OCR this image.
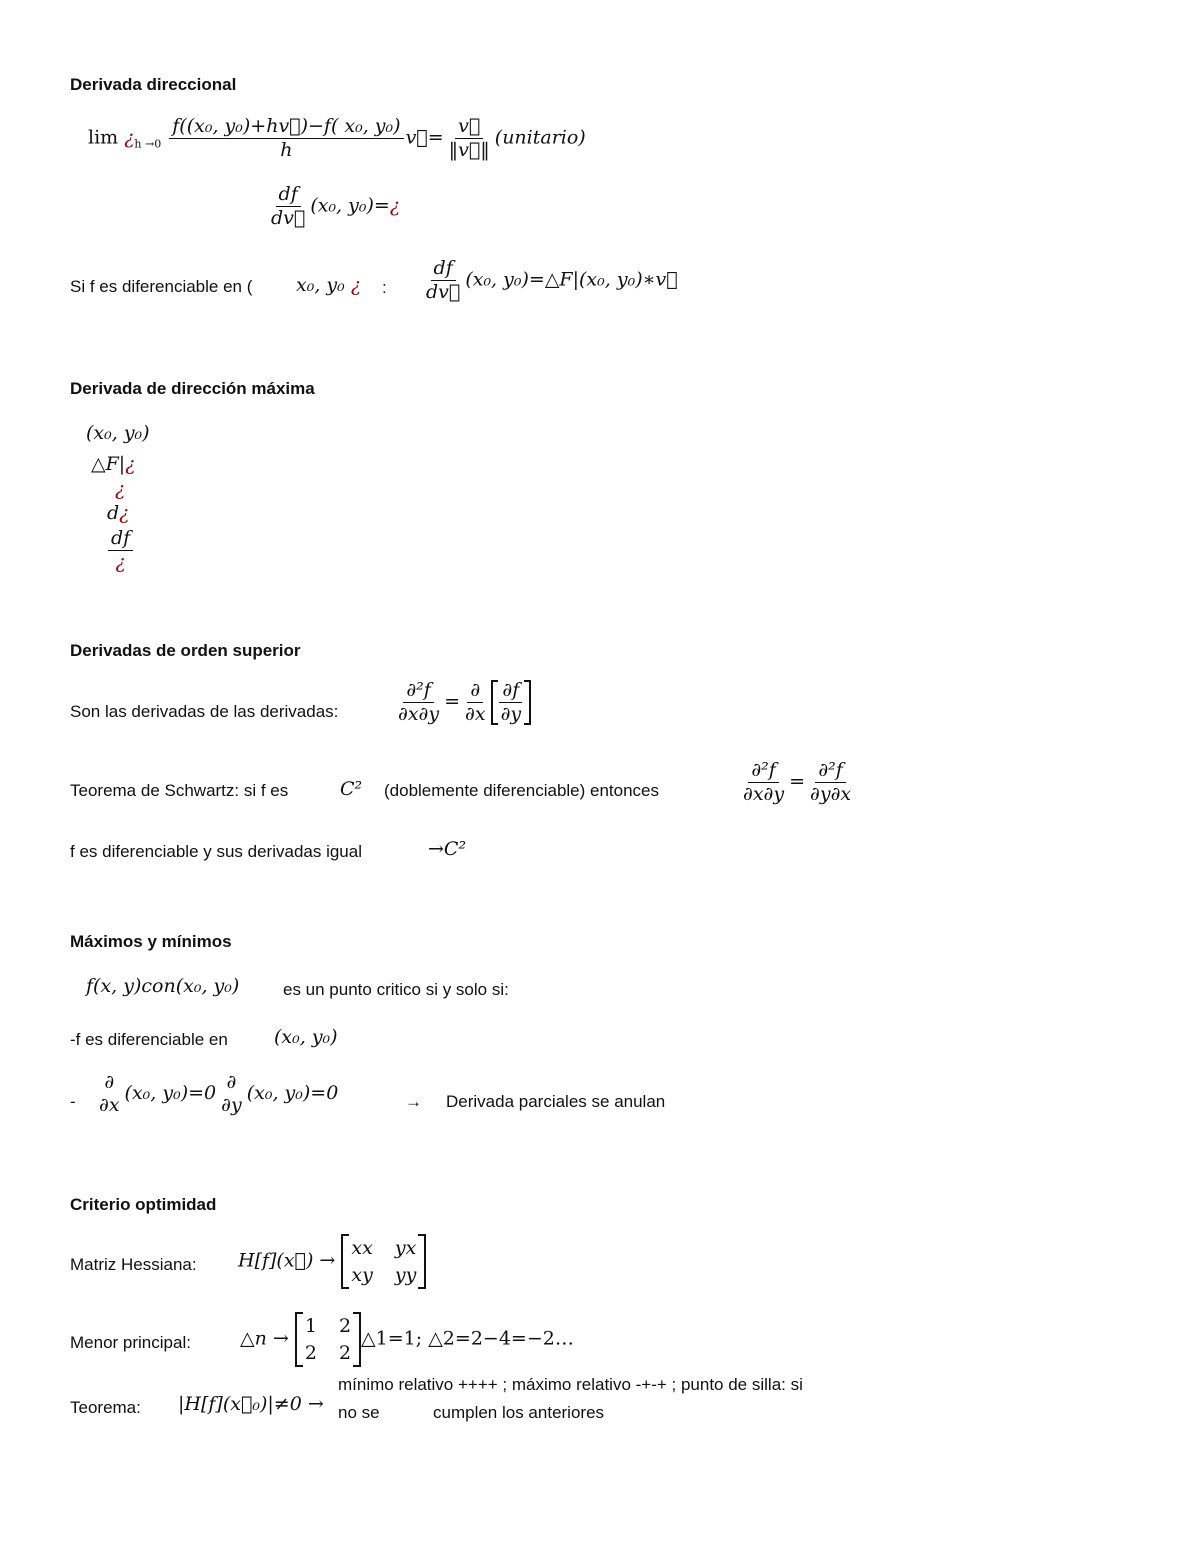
Derivada direccional
$\lim ¿_{h \to 0} \frac{\text{f((x₀, y₀)+hv⃗)−f( x₀, y₀)}}{h}$ v⃗= $\frac{v⃗}{‖v⃗‖}$ (unitario)
$\frac{df}{dv⃗} (x_0$, y₀)=¿
Si f es diferenciable en ( x₀, y₀ ¿ : $\frac{df}{dv⃗} (x_0$, y₀)=△F|(x₀, y₀)∗v⃗
Derivada de dirección máxima
(x₀, y₀)
△F|¿
¿
d¿
$\frac{df}{¿}$
Derivadas de orden superior
Son las derivadas de las derivadas:	$\frac{\text{∂²f}}{\partial x\partial y} = \frac{\partial}{\partial x} \frac{\partial f}{\partial y}$
Teorema de Schwartz: si f es	C² (doblemente diferenciable) entonces	$\frac{\text{∂²f}}{\partial x\partial y} = \frac{\text{∂²f}}{\partial y\partial x}$
f es diferenciable y sus derivadas igual	→C²
Máximos y mínimos
f(x, y)con(x₀, y₀)	es un punto critico si y solo si:
-f es diferenciable en (x₀, y₀)
-
∂
∂x
(x₀, y₀)=0 ∂
∂y
(x₀, y₀)=0	→ Derivada parciales se anulan
Criterio optimidad
Matriz Hessiana: H[f](x⃗) →
xx yx
xy yy
Menor principal:	△n →
1 2
2 2
△1=1; △2=2−4=−2…
Teorema: |H[f](x⃗₀)|≠0 →
mínimo relativo ++++ ; máximo relativo -+-+ ; punto de silla: si
no se	cumplen los anteriores
